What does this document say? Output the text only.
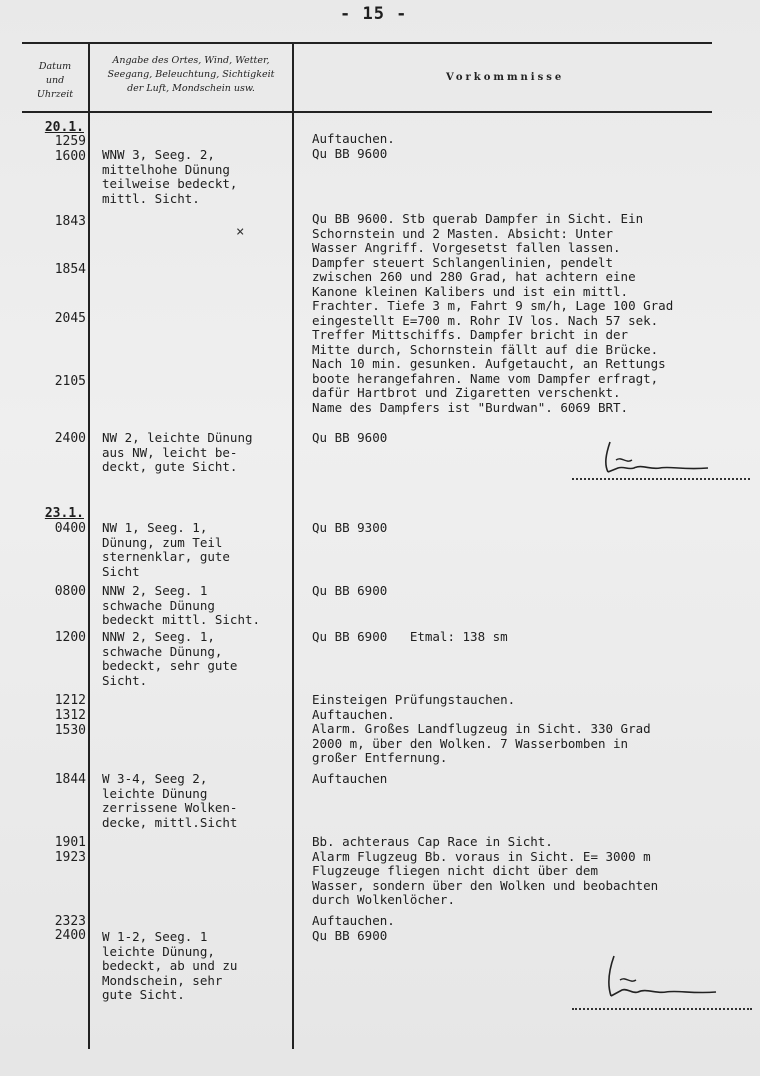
- 15 -
Datum
und
Uhrzeit
Angabe des Ortes, Wind, Wetter,
Seegang, Beleuchtung, Sichtigkeit
der Luft, Mondschein usw.
Vorkommnisse
20.1.
1259
1600 WNW 3, Seeg. 2,
mittelhohe Dünung
teilweise bedeckt,
mittl. Sicht.
Auftauchen.
Qu BB 9600
1843
1854
2045
2105
×
Qu BB 9600. Stb querab Dampfer in Sicht. Ein
Schornstein und 2 Masten. Absicht: Unter
Wasser Angriff. Vorgesetst fallen lassen.
Dampfer steuert Schlangenlinien, pendelt
zwischen 260 und 280 Grad, hat achtern eine
Kanone kleinen Kalibers und ist ein mittl.
Frachter. Tiefe 3 m, Fahrt 9 sm/h, Lage 100 Grad
eingestellt E=700 m. Rohr IV los. Nach 57 sek.
Treffer Mittschiffs. Dampfer bricht in der
Mitte durch, Schornstein fällt auf die Brücke.
Nach 10 min. gesunken. Aufgetaucht, an Rettungs
boote herangefahren. Name vom Dampfer erfragt,
dafür Hartbrot und Zigaretten verschenkt.
Name des Dampfers ist "Burdwan". 6069 BRT.
2400 NW 2, leichte Dünung
aus NW, leicht be-
deckt, gute Sicht.
Qu BB 9600
23.1.
0400 NW 1, Seeg. 1,
Dünung, zum Teil
sternenklar, gute
Sicht
Qu BB 9300
0800 NNW 2, Seeg. 1
schwache Dünung
bedeckt mittl. Sicht.
Qu BB 6900
1200 NNW 2, Seeg. 1,
schwache Dünung,
bedeckt, sehr gute
Sicht.
Qu BB 6900   Etmal: 138 sm
1212
1312
1530
Einsteigen Prüfungstauchen.
Auftauchen.
Alarm. Großes Landflugzeug in Sicht. 330 Grad
2000 m, über den Wolken. 7 Wasserbomben in
großer Entfernung.
1844 W 3-4, Seeg 2,
leichte Dünung
zerrissene Wolken-
decke, mittl.Sicht
Auftauchen
1901
1923
Bb. achteraus Cap Race in Sicht.
Alarm Flugzeug Bb. voraus in Sicht. E= 3000 m
Flugzeuge fliegen nicht dicht über dem
Wasser, sondern über den Wolken und beobachten
durch Wolkenlöcher.
2323
2400 W 1-2, Seeg. 1
leichte Dünung,
bedeckt, ab und zu
Mondschein, sehr
gute Sicht.
Auftauchen.
Qu BB 6900
